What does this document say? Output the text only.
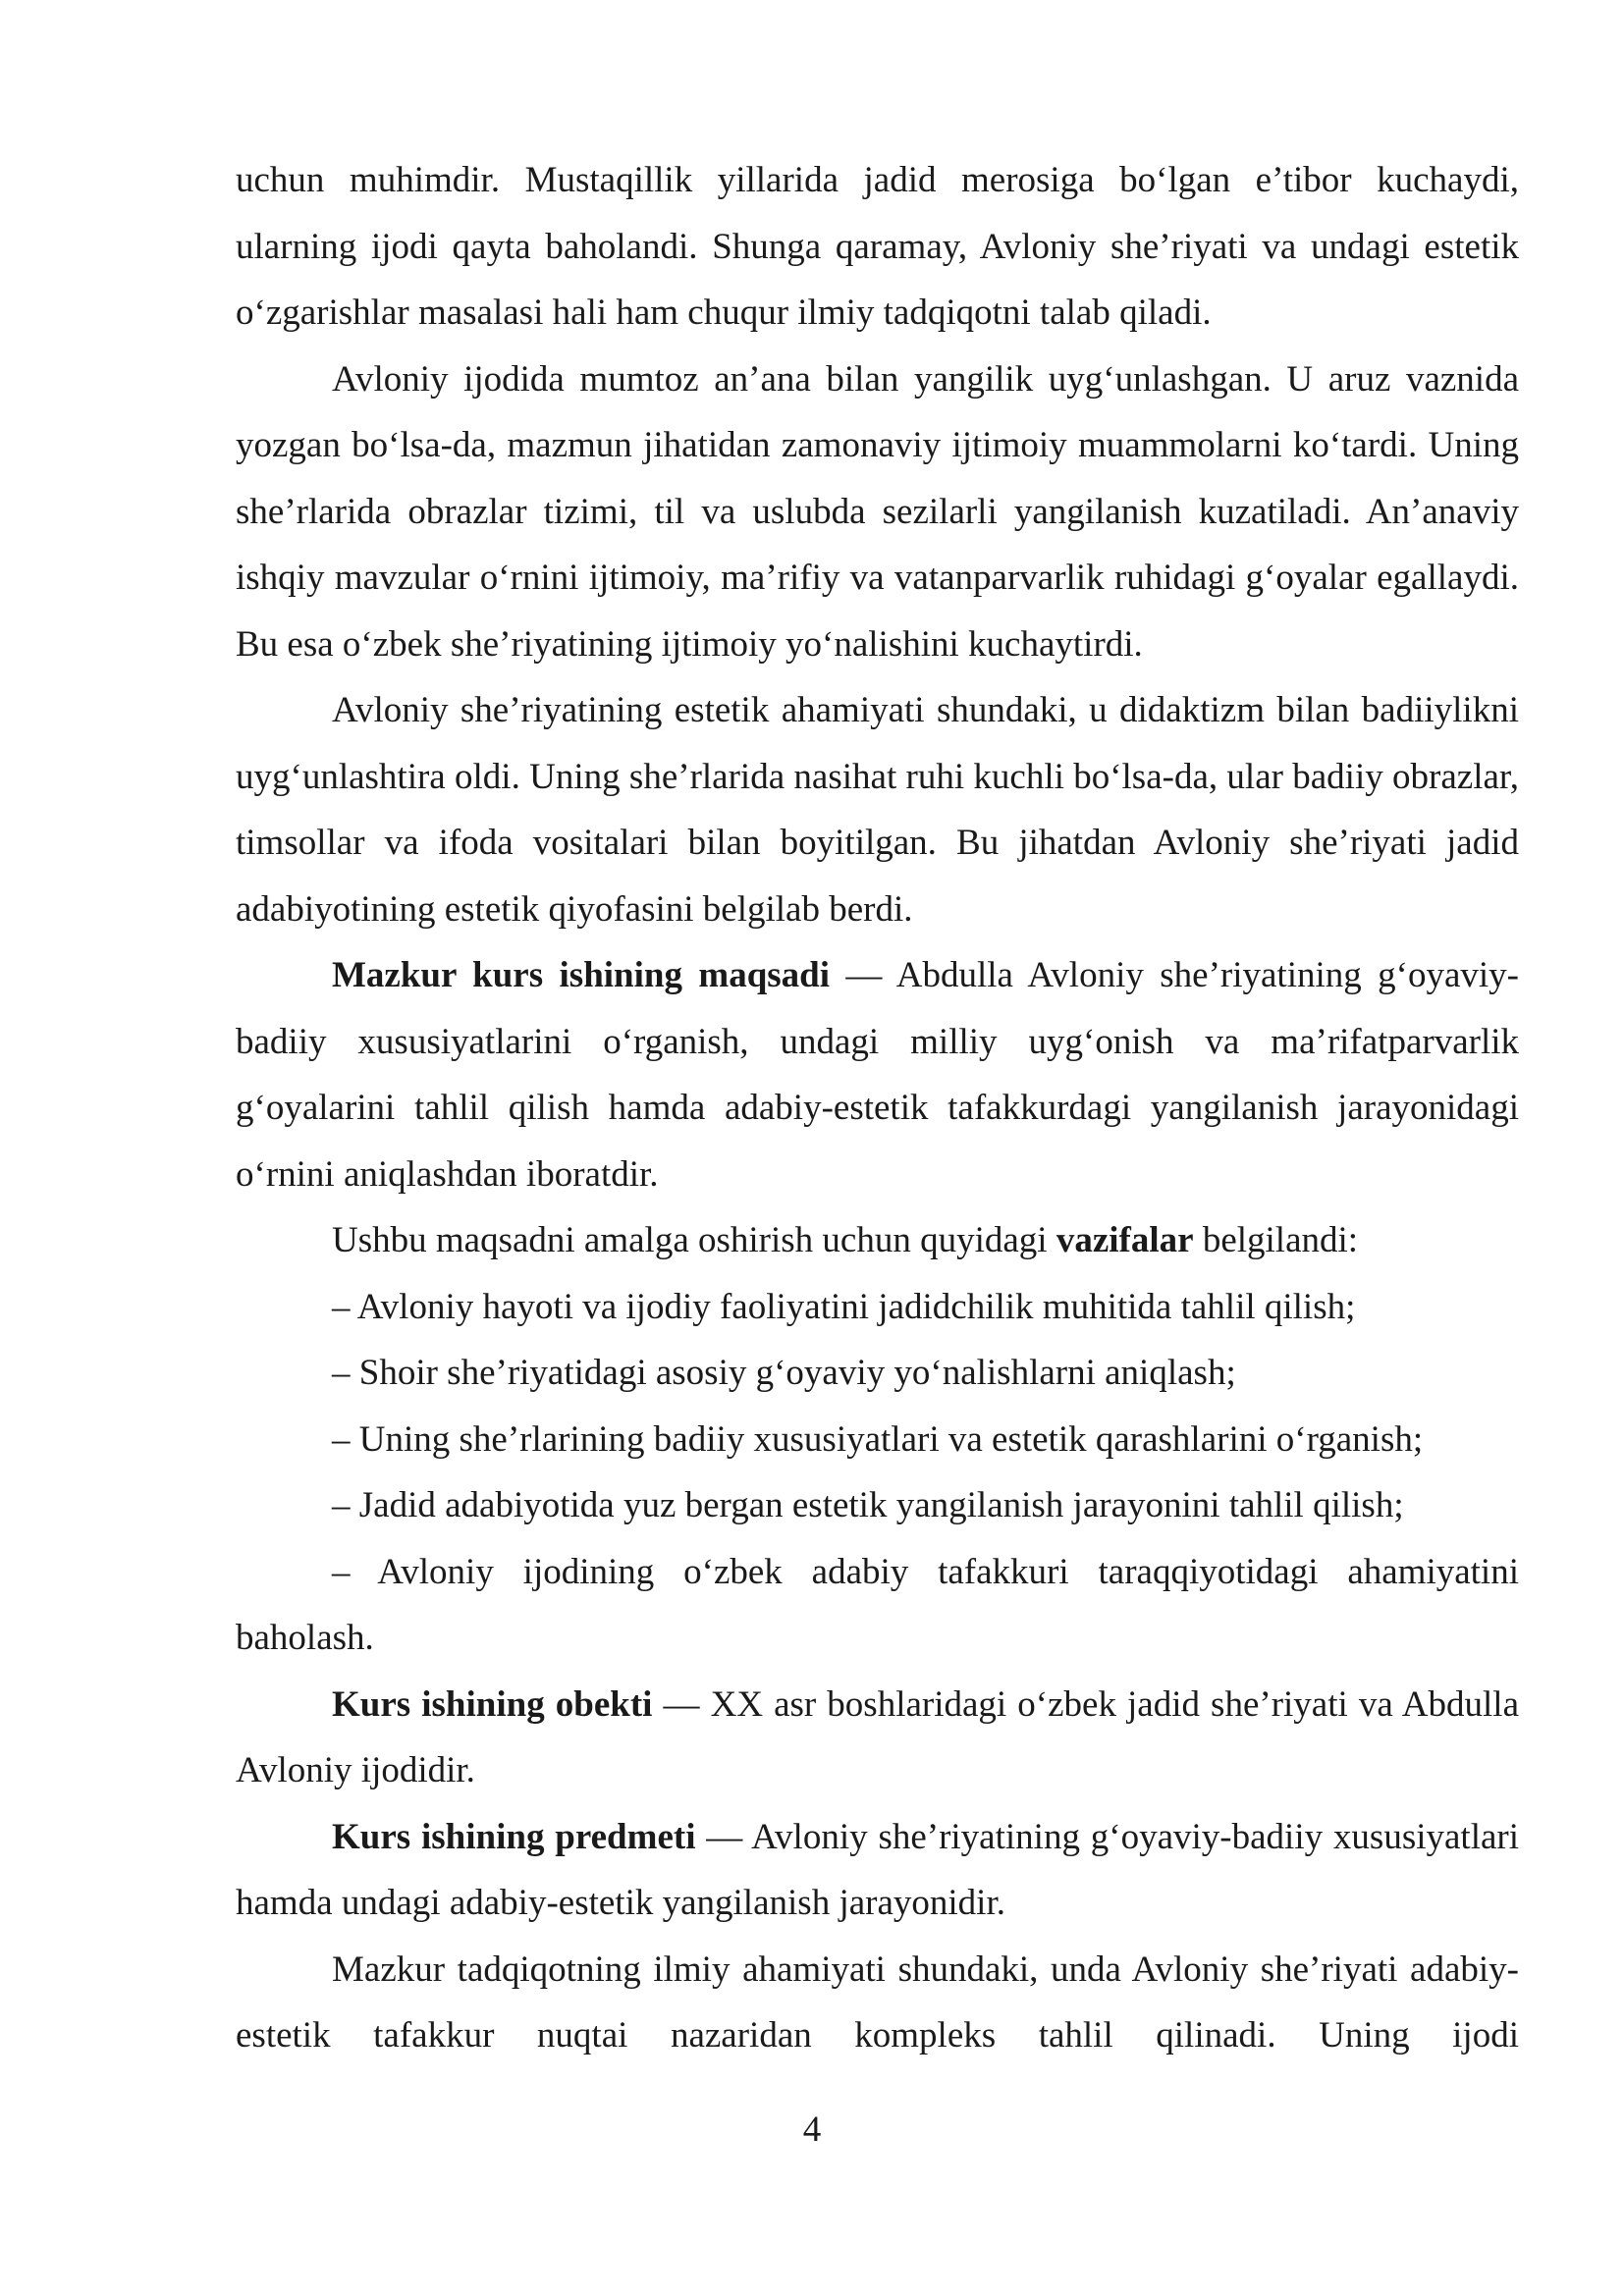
uchun muhimdir. Mustaqillik yillarida jadid merosiga bo‘lgan e’tibor kuchaydi, ularning ijodi qayta baholandi. Shunga qaramay, Avloniy she’riyati va undagi estetik o‘zgarishlar masalasi hali ham chuqur ilmiy tadqiqotni talab qiladi.

Avloniy ijodida mumtoz an’ana bilan yangilik uyg‘unlashgan. U aruz vaznida yozgan bo‘lsa-da, mazmun jihatidan zamonaviy ijtimoiy muammolarni ko‘tardi. Uning she’rlarida obrazlar tizimi, til va uslubda sezilarli yangilanish kuzatiladi. An’anaviy ishqiy mavzular o‘rnini ijtimoiy, ma’rifiy va vatanparvarlik ruhidagi g‘oyalar egallaydi. Bu esa o‘zbek she’riyatining ijtimoiy yo‘nalishini kuchaytirdi.

Avloniy she’riyatining estetik ahamiyati shundaki, u didaktizm bilan badiiylikni uyg‘unlashtira oldi. Uning she’rlarida nasihat ruhi kuchli bo‘lsa-da, ular badiiy obrazlar, timsollar va ifoda vositalari bilan boyitilgan. Bu jihatdan Avloniy she’riyati jadid adabiyotining estetik qiyofasini belgilab berdi.

Mazkur kurs ishining maqsadi — Abdulla Avloniy she’riyatining g‘oyaviy-badiiy xususiyatlarini o‘rganish, undagi milliy uyg‘onish va ma’rifatparvarlik g‘oyalarini tahlil qilish hamda adabiy-estetik tafakkurdagi yangilanish jarayonidagi o‘rnini aniqlashdan iboratdir.

Ushbu maqsadni amalga oshirish uchun quyidagi vazifalar belgilandi:

– Avloniy hayoti va ijodiy faoliyatini jadidchilik muhitida tahlil qilish;

– Shoir she’riyatidagi asosiy g‘oyaviy yo‘nalishlarni aniqlash;

– Uning she’rlarining badiiy xususiyatlari va estetik qarashlarini o‘rganish;

– Jadid adabiyotida yuz bergan estetik yangilanish jarayonini tahlil qilish;

– Avloniy ijodining o‘zbek adabiy tafakkuri taraqqiyotidagi ahamiyatini baholash.

Kurs ishining obekti — XX asr boshlaridagi o‘zbek jadid she’riyati va Abdulla Avloniy ijodidir.

Kurs ishining predmeti — Avloniy she’riyatining g‘oyaviy-badiiy xususiyatlari hamda undagi adabiy-estetik yangilanish jarayonidir.

Mazkur tadqiqotning ilmiy ahamiyati shundaki, unda Avloniy she’riyati adabiy-estetik tafakkur nuqtai nazaridan kompleks tahlil qilinadi. Uning ijodi

4
